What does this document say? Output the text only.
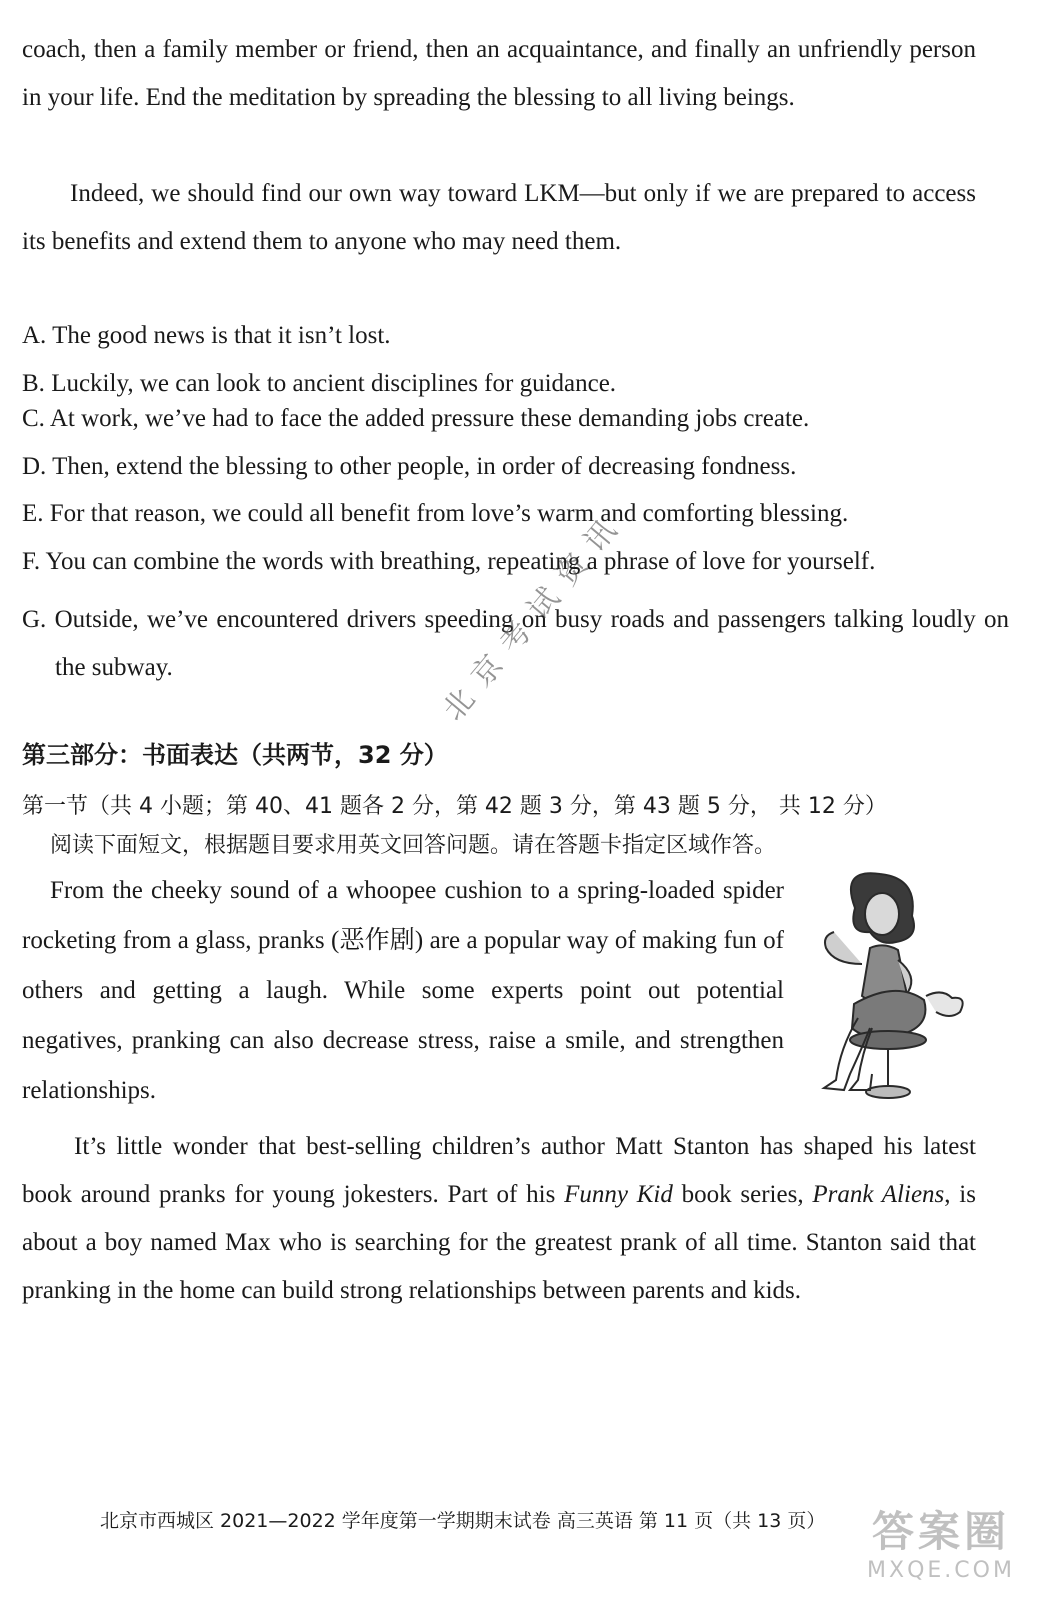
coach, then a family member or friend, then an acquaintance, and finally an unfriendly person in your life. End the meditation by spreading the blessing to all living beings.

Indeed, we should find our own way toward LKM—but only if we are prepared to access its benefits and extend them to anyone who may need them.

A. The good news is that it isn’t lost.

B. Luckily, we can look to ancient disciplines for guidance.

C. At work, we’ve had to face the added pressure these demanding jobs create.

D. Then, extend the blessing to other people, in order of decreasing fondness.

E. For that reason, we could all benefit from love’s warm and comforting blessing.

F. You can combine the words with breathing, repeating a phrase of love for yourself.

G. Outside, we’ve encountered drivers speeding on busy roads and passengers talking loudly on the subway.

第三部分：书面表达（共两节，32 分）

第一节（共 4 小题；第 40、41 题各 2 分，第 42 题 3 分，第 43 题 5 分， 共 12 分）

阅读下面短文，根据题目要求用英文回答问题。请在答题卡指定区域作答。

From the cheeky sound of a whoopee cushion to a spring-loaded spider rocketing from a glass, pranks (恶作剧) are a popular way of making fun of others and getting a laugh. While some experts point out potential negatives, pranking can also decrease stress, raise a smile, and strengthen relationships.

It’s little wonder that best-selling children’s author Matt Stanton has shaped his latest book around pranks for young jokesters. Part of his Funny Kid book series, Prank Aliens, is about a boy named Max who is searching for the greatest prank of all time. Stanton said that pranking in the home can build strong relationships between parents and kids.

北京考试资讯

北京市西城区 2021—2022 学年度第一学期期末试卷 高三英语 第 11 页（共 13 页）	答案圈
MXQE.COM
